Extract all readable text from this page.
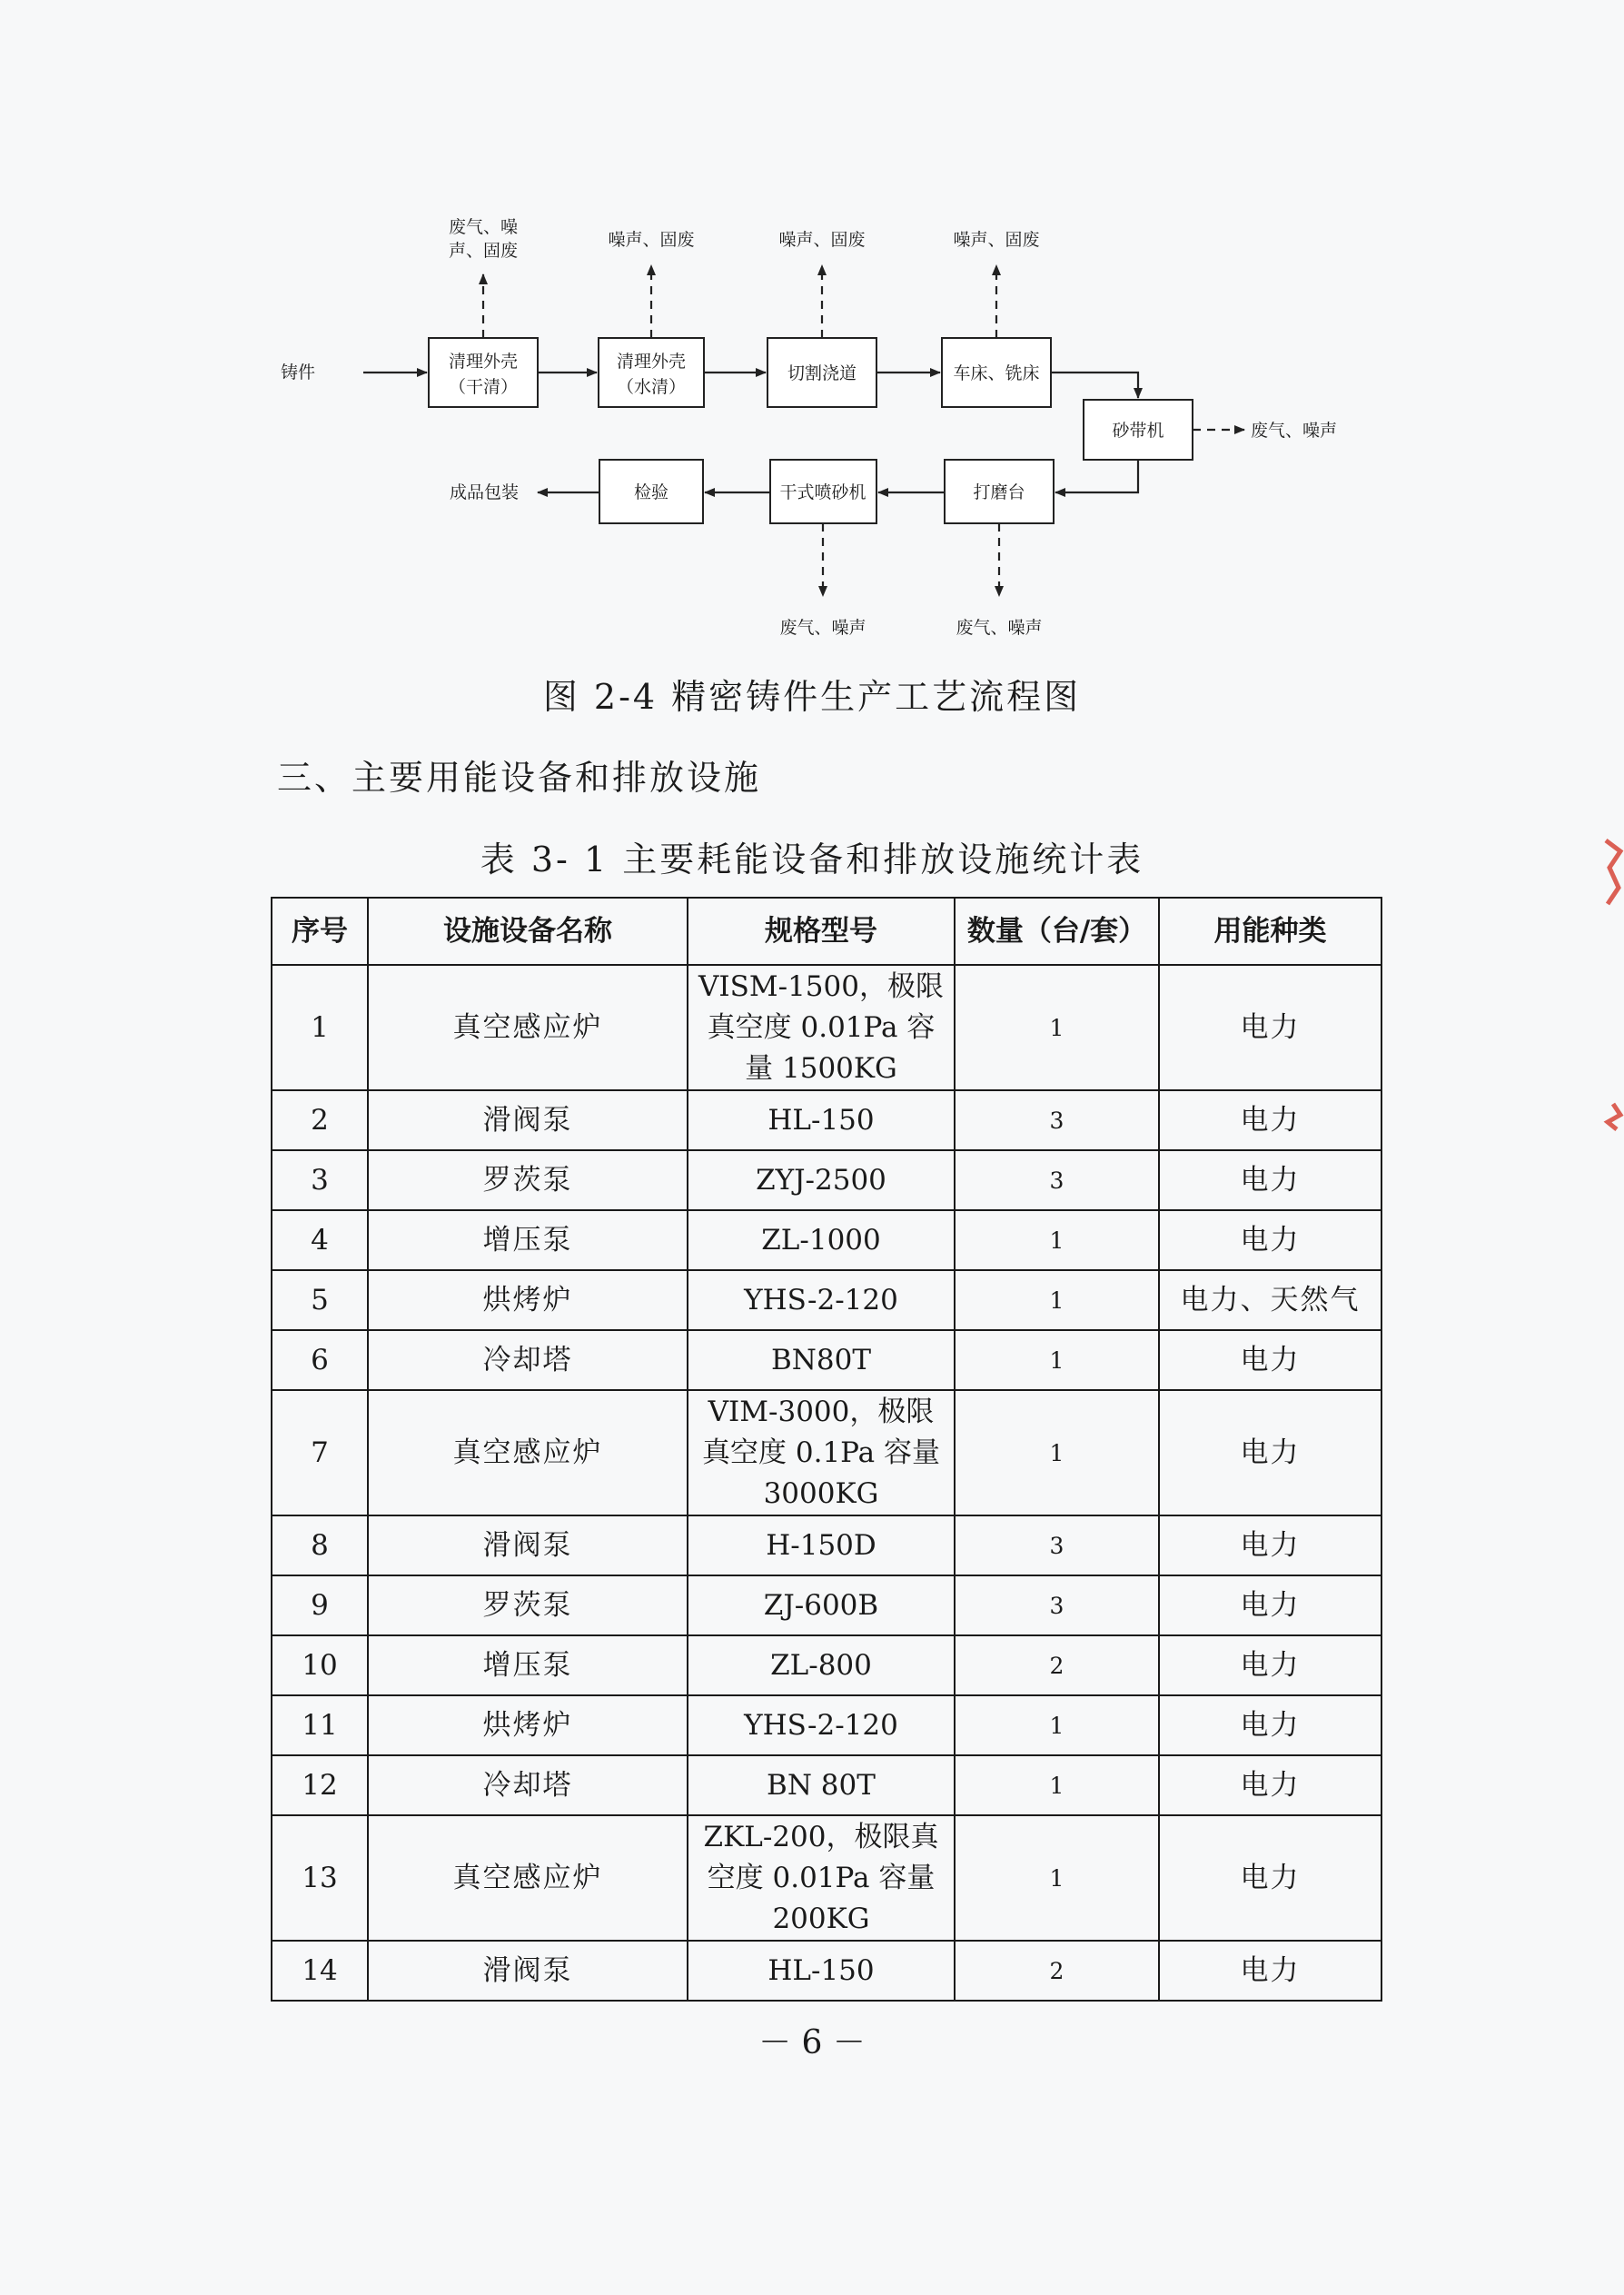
铸件
清理外壳
（干清）
清理外壳
（水清）
切割浇道	车床、铣床
砂带机	废气、噪声
打磨台
干式喷砂机
检验
成品包装
废气、噪
声、固废
噪声、固废	噪声、固废	噪声、固废
废气、噪声	废气、噪声
图 2-4 精密铸件生产工艺流程图
三、主要用能设备和排放设施
表 3- 1 主要耗能设备和排放设施统计表
序号	设施设备名称	规格型号	数量（台/套）	用能种类
1	真空感应炉	VISM-1500，极限
真空度 0.01Pa 容
量 1500KG	1	电力
2	滑阀泵	HL-150	3	电力
3	罗茨泵	ZYJ-2500	3	电力
4	增压泵	ZL-1000	1	电力
5	烘烤炉	YHS-2-120	1	电力、天然气
6	冷却塔	BN80T	1	电力
7	真空感应炉	VIM-3000，极限
真空度 0.1Pa 容量
3000KG	1	电力
8	滑阀泵	H-150D	3	电力
9	罗茨泵	ZJ-600B	3	电力
10	增压泵	ZL-800	2	电力
11	烘烤炉	YHS-2-120	1	电力
12	冷却塔	BN 80T	1	电力
13	真空感应炉	ZKL-200，极限真
空度 0.01Pa 容量
200KG	1	电力
14	滑阀泵	HL-150	2	电力
－ 6 －
